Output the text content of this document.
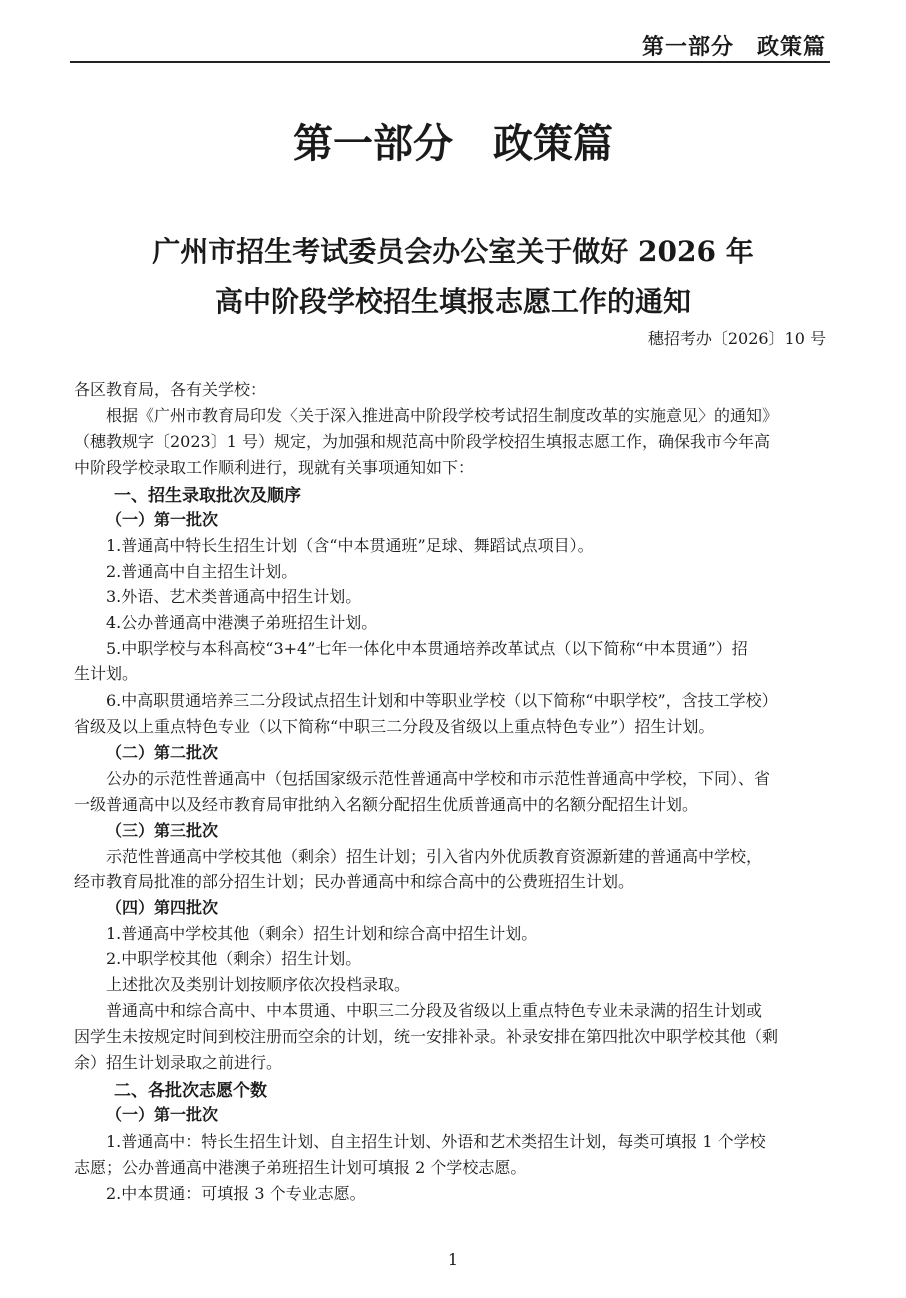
第一部分　政策篇
第一部分　政策篇
广州市招生考试委员会办公室关于做好 2026 年
高中阶段学校招生填报志愿工作的通知
穗招考办〔2026〕10 号
各区教育局，各有关学校：
根据《广州市教育局印发〈关于深入推进高中阶段学校考试招生制度改革的实施意见〉的通知》
（穗教规字〔2023〕1 号）规定，为加强和规范高中阶段学校招生填报志愿工作，确保我市今年高
中阶段学校录取工作顺利进行，现就有关事项通知如下：
一、招生录取批次及顺序
（一）第一批次
1.普通高中特长生招生计划（含“中本贯通班”足球、舞蹈试点项目）。
2.普通高中自主招生计划。
3.外语、艺术类普通高中招生计划。
4.公办普通高中港澳子弟班招生计划。
5.中职学校与本科高校“3+4”七年一体化中本贯通培养改革试点（以下简称“中本贯通”）招
生计划。
6.中高职贯通培养三二分段试点招生计划和中等职业学校（以下简称“中职学校”，含技工学校）
省级及以上重点特色专业（以下简称“中职三二分段及省级以上重点特色专业”）招生计划。
（二）第二批次
公办的示范性普通高中（包括国家级示范性普通高中学校和市示范性普通高中学校，下同）、省
一级普通高中以及经市教育局审批纳入名额分配招生优质普通高中的名额分配招生计划。
（三）第三批次
示范性普通高中学校其他（剩余）招生计划；引入省内外优质教育资源新建的普通高中学校，
经市教育局批准的部分招生计划；民办普通高中和综合高中的公费班招生计划。
（四）第四批次
1.普通高中学校其他（剩余）招生计划和综合高中招生计划。
2.中职学校其他（剩余）招生计划。
上述批次及类别计划按顺序依次投档录取。
普通高中和综合高中、中本贯通、中职三二分段及省级以上重点特色专业未录满的招生计划或
因学生未按规定时间到校注册而空余的计划，统一安排补录。补录安排在第四批次中职学校其他（剩
余）招生计划录取之前进行。
二、各批次志愿个数
（一）第一批次
1.普通高中：特长生招生计划、自主招生计划、外语和艺术类招生计划，每类可填报 1 个学校
志愿；公办普通高中港澳子弟班招生计划可填报 2 个学校志愿。
2.中本贯通：可填报 3 个专业志愿。
1
